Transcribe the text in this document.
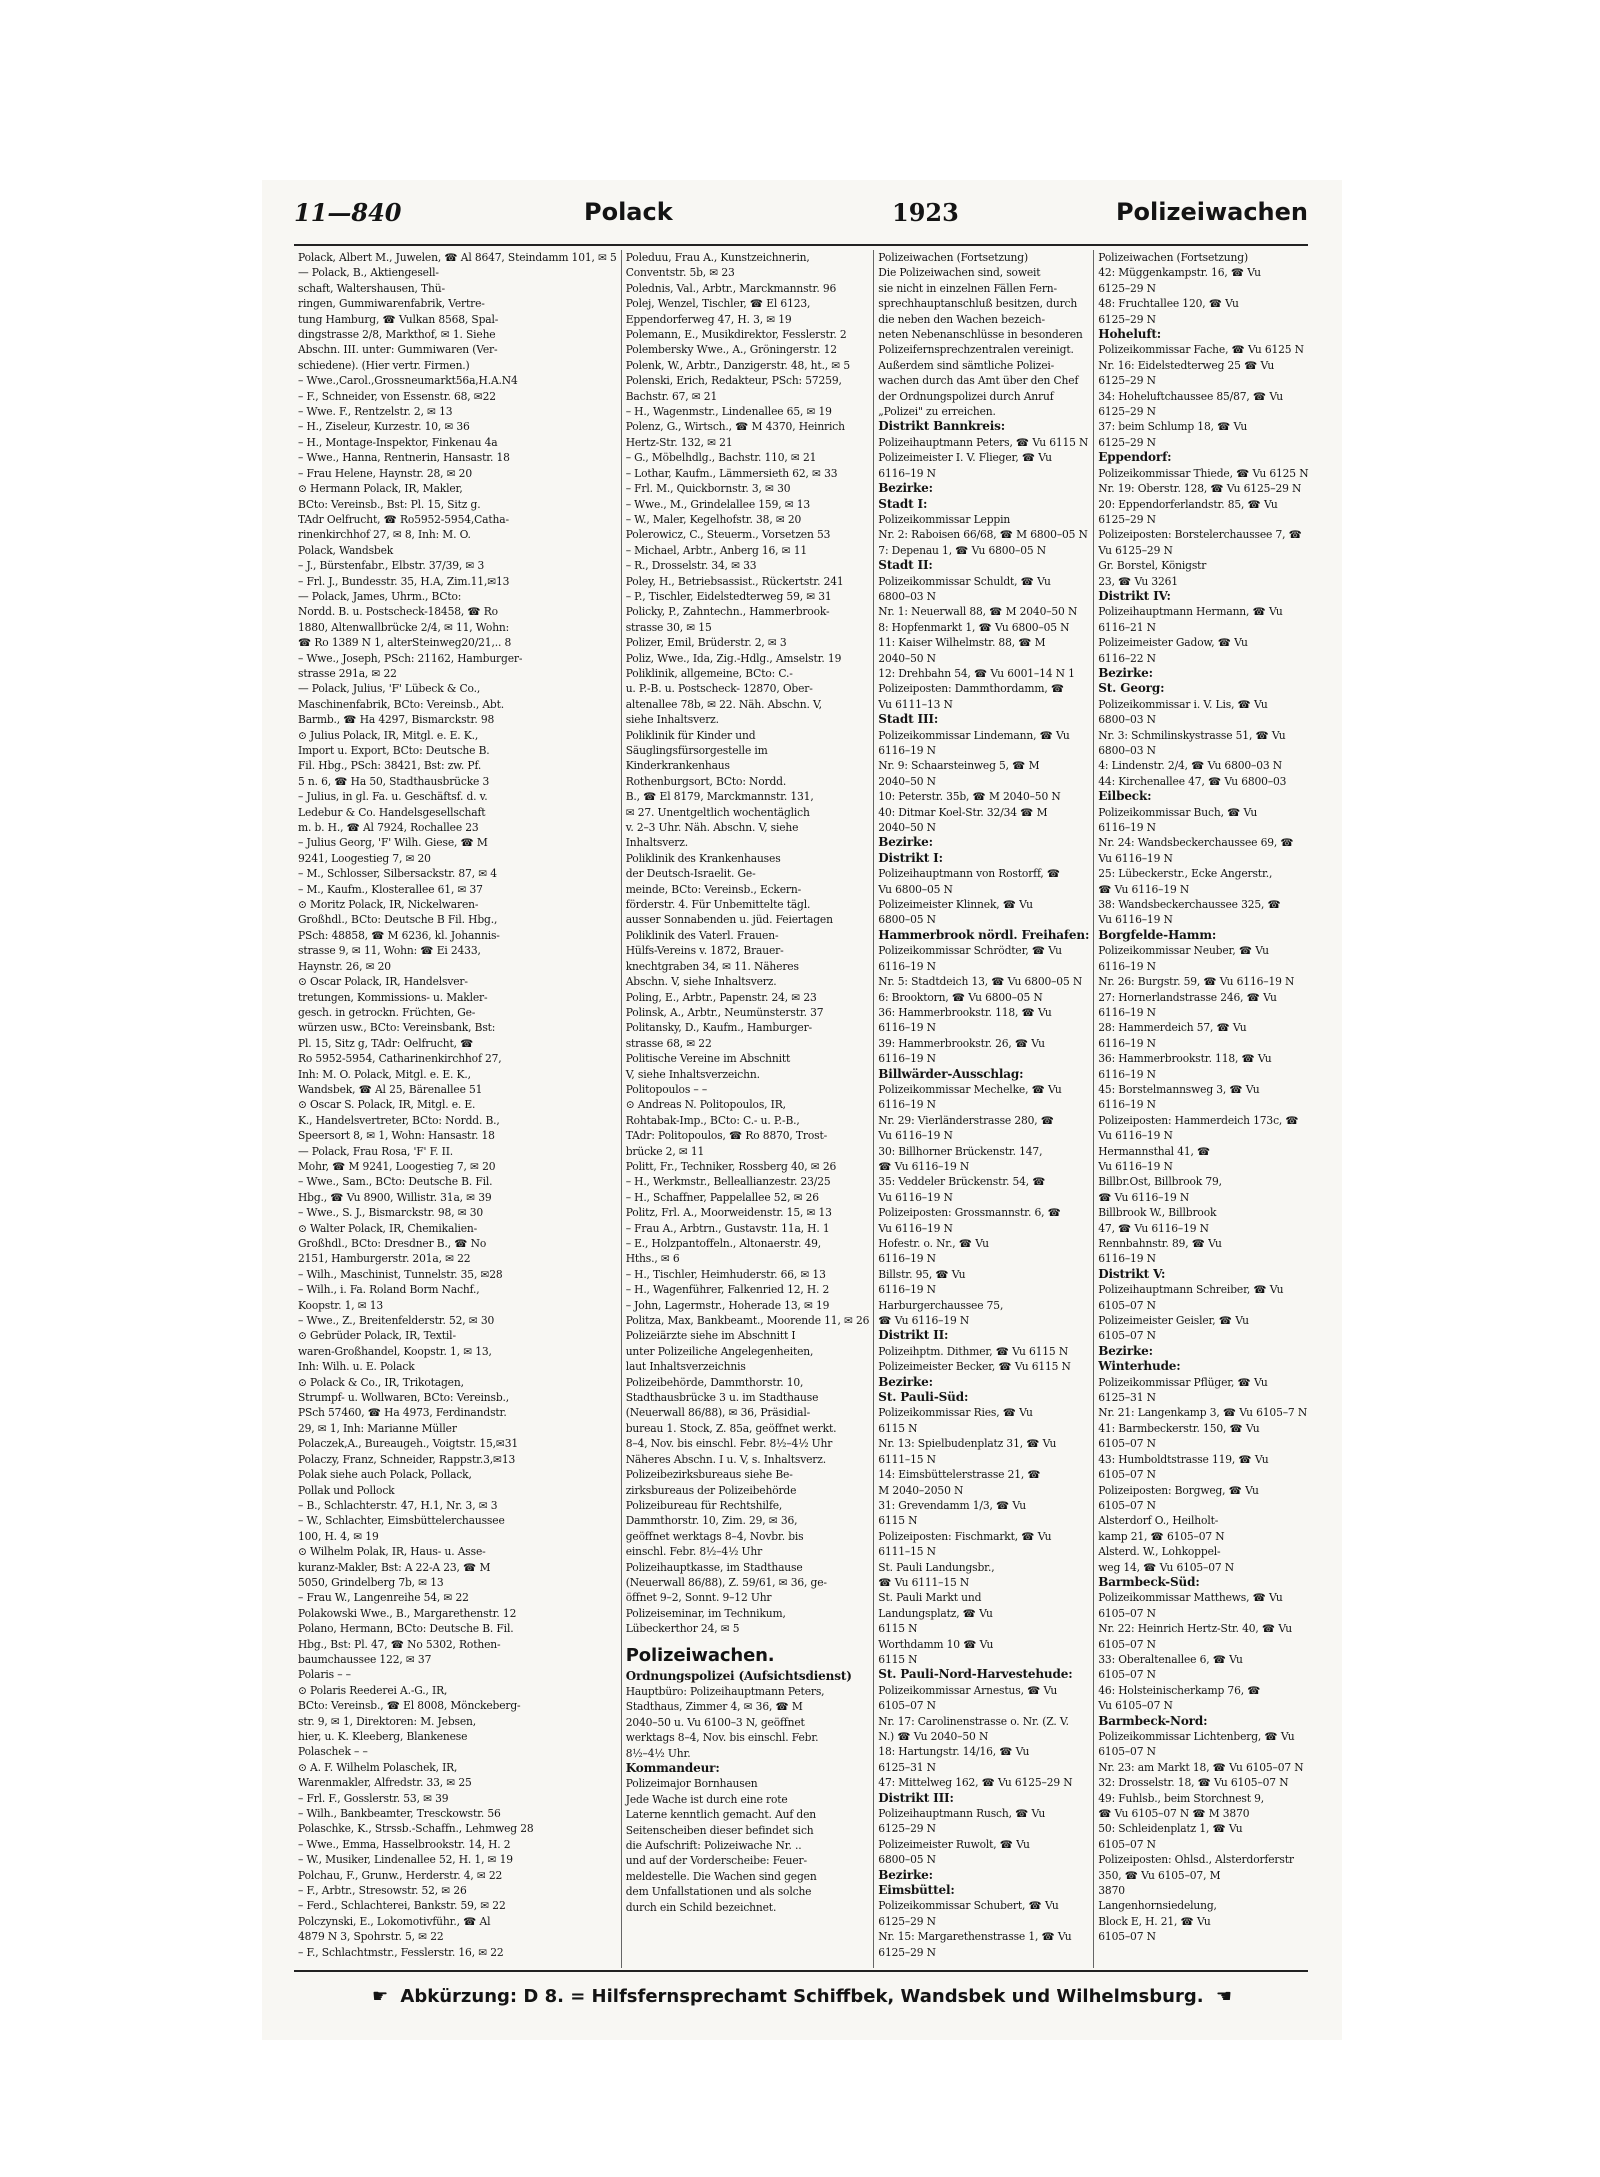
11—840	Polack	1923	Polizeiwachen

Polack, Albert M., Juwelen, ☎ Al 8647, Steindamm 101, ✉ 5

— Polack, B., Aktiengesell-

schaft, Waltershausen, Thü-

ringen, Gummiwarenfabrik, Vertre-

tung Hamburg, ☎ Vulkan 8568, Spal-

dingstrasse 2/8, Markthof, ✉ 1. Siehe

Abschn. III. unter: Gummiwaren (Ver-

schiedene). (Hier vertr. Firmen.)

– Wwe.,Carol.,Grossneumarkt56a,H.A.N4

– F., Schneider, von Essenstr. 68, ✉22

– Wwe. F., Rentzelstr. 2, ✉ 13

– H., Ziseleur, Kurzestr. 10, ✉ 36

– H., Montage-Inspektor, Finkenau 4a

– Wwe., Hanna, Rentnerin, Hansastr. 18

– Frau Helene, Haynstr. 28, ✉ 20

⊙ Hermann Polack, IR, Makler,

BCto: Vereinsb., Bst: Pl. 15, Sitz g.

TAdr Oelfrucht, ☎ Ro5952-5954,Catha-

rinenkirchhof 27, ✉ 8, Inh: M. O.

Polack, Wandsbek

– J., Bürstenfabr., Elbstr. 37/39, ✉ 3

– Frl. J., Bundesstr. 35, H.A, Zim.11,✉13

— Polack, James, Uhrm., BCto:

Nordd. B. u. Postscheck-18458, ☎ Ro

1880, Altenwallbrücke 2/4, ✉ 11, Wohn:

☎ Ro 1389 N 1, alterSteinweg20/21,.. 8

– Wwe., Joseph, PSch: 21162, Hamburger-

strasse 291a, ✉ 22

— Polack, Julius, 'F' Lübeck & Co.,

Maschinenfabrik, BCto: Vereinsb., Abt.

Barmb., ☎ Ha 4297, Bismarckstr. 98

⊙ Julius Polack, IR, Mitgl. e. E. K.,

Import u. Export, BCto: Deutsche B.

Fil. Hbg., PSch: 38421, Bst: zw. Pf.

5 n. 6, ☎ Ha 50, Stadthausbrücke 3

– Julius, in gl. Fa. u. Geschäftsf. d. v.

Ledebur & Co. Handelsgesellschaft

m. b. H., ☎ Al 7924, Rochallee 23

– Julius Georg, 'F' Wilh. Giese, ☎ M

9241, Loogestieg 7, ✉ 20

– M., Schlosser, Silbersackstr. 87, ✉ 4

– M., Kaufm., Klosterallee 61, ✉ 37

⊙ Moritz Polack, IR, Nickelwaren-

Großhdl., BCto: Deutsche B Fil. Hbg.,

PSch: 48858, ☎ M 6236, kl. Johannis-

strasse 9, ✉ 11, Wohn: ☎ Ei 2433,

Haynstr. 26, ✉ 20

⊙ Oscar Polack, IR, Handelsver-

tretungen, Kommissions- u. Makler-

gesch. in getrockn. Früchten, Ge-

würzen usw., BCto: Vereinsbank, Bst:

Pl. 15, Sitz g, TAdr: Oelfrucht, ☎

Ro 5952-5954, Catharinenkirchhof 27,

Inh: M. O. Polack, Mitgl. e. E. K.,

Wandsbek, ☎ Al 25, Bärenallee 51

⊙ Oscar S. Polack, IR, Mitgl. e. E.

K., Handelsvertreter, BCto: Nordd. B.,

Speersort 8, ✉ 1, Wohn: Hansastr. 18

— Polack, Frau Rosa, 'F' F. II.

Mohr, ☎ M 9241, Loogestieg 7, ✉ 20

– Wwe., Sam., BCto: Deutsche B. Fil.

Hbg., ☎ Vu 8900, Willistr. 31a, ✉ 39

– Wwe., S. J., Bismarckstr. 98, ✉ 30

⊙ Walter Polack, IR, Chemikalien-

Großhdl., BCto: Dresdner B., ☎ No

2151, Hamburgerstr. 201a, ✉ 22

– Wilh., Maschinist, Tunnelstr. 35, ✉28

– Wilh., i. Fa. Roland Borm Nachf.,

Koopstr. 1, ✉ 13

– Wwe., Z., Breitenfelderstr. 52, ✉ 30

⊙ Gebrüder Polack, IR, Textil-

waren-Großhandel, Koopstr. 1, ✉ 13,

Inh: Wilh. u. E. Polack

⊙ Polack & Co., IR, Trikotagen,

Strumpf- u. Wollwaren, BCto: Vereinsb.,

PSch 57460, ☎ Ha 4973, Ferdinandstr.

29, ✉ 1, Inh: Marianne Müller

Polaczek,A., Bureaugeh., Voigtstr. 15,✉31

Polaczy, Franz, Schneider, Rappstr.3,✉13

Polak siehe auch Polack, Pollack,

Pollak und Pollock

– B., Schlachterstr. 47, H.1, Nr. 3, ✉ 3

– W., Schlachter, Eimsbüttelerchaussee

100, H. 4, ✉ 19

⊙ Wilhelm Polak, IR, Haus- u. Asse-

kuranz-Makler, Bst: A 22-A 23, ☎ M

5050, Grindelberg 7b, ✉ 13

– Frau W., Langenreihe 54, ✉ 22

Polakowski Wwe., B., Margarethenstr. 12

Polano, Hermann, BCto: Deutsche B. Fil.

Hbg., Bst: Pl. 47, ☎ No 5302, Rothen-

baumchaussee 122, ✉ 37

Polaris – –

⊙ Polaris Reederei A.-G., IR,

BCto: Vereinsb., ☎ El 8008, Mönckeberg-

str. 9, ✉ 1, Direktoren: M. Jebsen,

hier, u. K. Kleeberg, Blankenese

Polaschek – –

⊙ A. F. Wilhelm Polaschek, IR,

Warenmakler, Alfredstr. 33, ✉ 25

– Frl. F., Gosslerstr. 53, ✉ 39

– Wilh., Bankbeamter, Tresckowstr. 56

Polaschke, K., Strssb.-Schaffn., Lehmweg 28

– Wwe., Emma, Hasselbrookstr. 14, H. 2

– W., Musiker, Lindenallee 52, H. 1, ✉ 19

Polchau, F., Grunw., Herderstr. 4, ✉ 22

– F., Arbtr., Stresowstr. 52, ✉ 26

– Ferd., Schlachterei, Bankstr. 59, ✉ 22

Polczynski, E., Lokomotivführ., ☎ Al

4879 N 3, Spohrstr. 5, ✉ 22

– F., Schlachtmstr., Fesslerstr. 16, ✉ 22

Poleduu, Frau A., Kunstzeichnerin,

Conventstr. 5b, ✉ 23

Polednis, Val., Arbtr., Marckmannstr. 96

Polej, Wenzel, Tischler, ☎ El 6123,

Eppendorferweg 47, H. 3, ✉ 19

Polemann, E., Musikdirektor, Fesslerstr. 2

Polembersky Wwe., A., Gröningerstr. 12

Polenk, W., Arbtr., Danzigerstr. 48, ht., ✉ 5

Polenski, Erich, Redakteur, PSch: 57259,

Bachstr. 67, ✉ 21

– H., Wagenmstr., Lindenallee 65, ✉ 19

Polenz, G., Wirtsch., ☎ M 4370, Heinrich

Hertz-Str. 132, ✉ 21

– G., Möbelhdlg., Bachstr. 110, ✉ 21

– Lothar, Kaufm., Lämmersieth 62, ✉ 33

– Frl. M., Quickbornstr. 3, ✉ 30

– Wwe., M., Grindelallee 159, ✉ 13

– W., Maler, Kegelhofstr. 38, ✉ 20

Polerowicz, C., Steuerm., Vorsetzen 53

– Michael, Arbtr., Anberg 16, ✉ 11

– R., Drosselstr. 34, ✉ 33

Poley, H., Betriebsassist., Rückertstr. 241

– P., Tischler, Eidelstedterweg 59, ✉ 31

Policky, P., Zahntechn., Hammerbrook-

strasse 30, ✉ 15

Polizer, Emil, Brüderstr. 2, ✉ 3

Poliz, Wwe., Ida, Zig.-Hdlg., Amselstr. 19

Poliklinik, allgemeine, BCto: C.-

u. P.-B. u. Postscheck- 12870, Ober-

altenallee 78b, ✉ 22. Näh. Abschn. V,

siehe Inhaltsverz.

Poliklinik für Kinder und

Säuglingsfürsorgestelle im

Kinderkrankenhaus

Rothenburgsort, BCto: Nordd.

B., ☎ El 8179, Marckmannstr. 131,

✉ 27. Unentgeltlich wochentäglich

v. 2–3 Uhr. Näh. Abschn. V, siehe

Inhaltsverz.

Poliklinik des Krankenhauses

der Deutsch-Israelit. Ge-

meinde, BCto: Vereinsb., Eckern-

förderstr. 4. Für Unbemittelte tägl.

ausser Sonnabenden u. jüd. Feiertagen

Poliklinik des Vaterl. Frauen-

Hülfs-Vereins v. 1872, Brauer-

knechtgraben 34, ✉ 11. Näheres

Abschn. V, siehe Inhaltsverz.

Poling, E., Arbtr., Papenstr. 24, ✉ 23

Polinsk, A., Arbtr., Neumünsterstr. 37

Politansky, D., Kaufm., Hamburger-

strasse 68, ✉ 22

Politische Vereine im Abschnitt

V, siehe Inhaltsverzeichn.

Politopoulos – –

⊙ Andreas N. Politopoulos, IR,

Rohtabak-Imp., BCto: C.- u. P.-B.,

TAdr: Politopoulos, ☎ Ro 8870, Trost-

brücke 2, ✉ 11

Politt, Fr., Techniker, Rossberg 40, ✉ 26

– H., Werkmstr., Belleallianzestr. 23/25

– H., Schaffner, Pappelallee 52, ✉ 26

Politz, Frl. A., Moorweidenstr. 15, ✉ 13

– Frau A., Arbtrn., Gustavstr. 11a, H. 1

– E., Holzpantoffeln., Altonaerstr. 49,

Hths., ✉ 6

– H., Tischler, Heimhuderstr. 66, ✉ 13

– H., Wagenführer, Falkenried 12, H. 2

– John, Lagermstr., Hoherade 13, ✉ 19

Politza, Max, Bankbeamt., Moorende 11, ✉ 26

Polizeiärzte siehe im Abschnitt I

unter Polizeiliche Angelegenheiten,

laut Inhaltsverzeichnis

Polizeibehörde, Dammthorstr. 10,

Stadthausbrücke 3 u. im Stadthause

(Neuerwall 86/88), ✉ 36, Präsidial-

bureau 1. Stock, Z. 85a, geöffnet werkt.

8–4, Nov. bis einschl. Febr. 8½–4½ Uhr

Näheres Abschn. I u. V, s. Inhaltsverz.

Polizeibezirksbureaus siehe Be-

zirksbureaus der Polizeibehörde

Polizeibureau für Rechtshilfe,

Dammthorstr. 10, Zim. 29, ✉ 36,

geöffnet werktags 8–4, Novbr. bis

einschl. Febr. 8½–4½ Uhr

Polizeihauptkasse, im Stadthause

(Neuerwall 86/88), Z. 59/61, ✉ 36, ge-

öffnet 9–2, Sonnt. 9–12 Uhr

Polizeiseminar, im Technikum,

Lübeckerthor 24, ✉ 5

Polizeiwachen.

Ordnungspolizei (Aufsichtsdienst)

Hauptbüro: Polizeihauptmann Peters,

Stadthaus, Zimmer 4, ✉ 36, ☎ M

2040–50 u. Vu 6100–3 N, geöffnet

werktags 8–4, Nov. bis einschl. Febr.

8½–4½ Uhr.

Kommandeur:

Polizeimajor Bornhausen

Jede Wache ist durch eine rote

Laterne kenntlich gemacht. Auf den

Seitenscheiben dieser befindet sich

die Aufschrift: Polizeiwache Nr. ..

und auf der Vorderscheibe: Feuer-

meldestelle. Die Wachen sind gegen

dem Unfallstationen und als solche

durch ein Schild bezeichnet.

Polizeiwachen (Fortsetzung)

Die Polizeiwachen sind, soweit

sie nicht in einzelnen Fällen Fern-

sprechhauptanschluß besitzen, durch

die neben den Wachen bezeich-

neten Nebenanschlüsse in besonderen

Polizeifernsprechzentralen vereinigt.

Außerdem sind sämtliche Polizei-

wachen durch das Amt über den Chef

der Ordnungspolizei durch Anruf

„Polizei" zu erreichen.

Distrikt Bannkreis:

Polizeihauptmann Peters, ☎ Vu 6115 N

Polizeimeister I. V. Flieger, ☎ Vu

6116–19 N

Bezirke:

Stadt I:

Polizeikommissar Leppin

Nr. 2: Raboisen 66/68, ☎ M 6800–05 N

7: Depenau 1, ☎ Vu 6800–05 N

Stadt II:

Polizeikommissar Schuldt, ☎ Vu

6800–03 N

Nr. 1: Neuerwall 88, ☎ M 2040–50 N

8: Hopfenmarkt 1, ☎ Vu 6800–05 N

11: Kaiser Wilhelmstr. 88, ☎ M

2040–50 N

12: Drehbahn 54, ☎ Vu 6001–14 N 1

Polizeiposten: Dammthordamm, ☎

Vu 6111–13 N

Stadt III:

Polizeikommissar Lindemann, ☎ Vu

6116–19 N

Nr. 9: Schaarsteinweg 5, ☎ M

2040–50 N

10: Peterstr. 35b, ☎ M 2040–50 N

40: Ditmar Koel-Str. 32/34 ☎ M

2040–50 N

Bezirke:

Distrikt I:

Polizeihauptmann von Rostorff, ☎

Vu 6800–05 N

Polizeimeister Klinnek, ☎ Vu

6800–05 N

Hammerbrook nördl. Freihafen:

Polizeikommissar Schrödter, ☎ Vu

6116–19 N

Nr. 5: Stadtdeich 13, ☎ Vu 6800–05 N

6: Brooktorn, ☎ Vu 6800–05 N

36: Hammerbrookstr. 118, ☎ Vu

6116–19 N

39: Hammerbrookstr. 26, ☎ Vu

6116–19 N

Billwärder-Ausschlag:

Polizeikommissar Mechelke, ☎ Vu

6116–19 N

Nr. 29: Vierländerstrasse 280, ☎

Vu 6116–19 N

30: Billhorner Brückenstr. 147,

☎ Vu 6116–19 N

35: Veddeler Brückenstr. 54, ☎

Vu 6116–19 N

Polizeiposten: Grossmannstr. 6, ☎

Vu 6116–19 N

Hofestr. o. Nr., ☎ Vu

6116–19 N

Billstr. 95, ☎ Vu

6116–19 N

Harburgerchaussee 75,

☎ Vu 6116–19 N

Distrikt II:

Polizeihptm. Dithmer, ☎ Vu 6115 N

Polizeimeister Becker, ☎ Vu 6115 N

Bezirke:

St. Pauli-Süd:

Polizeikommissar Ries, ☎ Vu

6115 N

Nr. 13: Spielbudenplatz 31, ☎ Vu

6111–15 N

14: Eimsbüttelerstrasse 21, ☎

M 2040–2050 N

31: Grevendamm 1/3, ☎ Vu

6115 N

Polizeiposten: Fischmarkt, ☎ Vu

6111–15 N

St. Pauli Landungsbr.,

☎ Vu 6111–15 N

St. Pauli Markt und

Landungsplatz, ☎ Vu

6115 N

Worthdamm 10 ☎ Vu

6115 N

St. Pauli-Nord-Harvestehude:

Polizeikommissar Arnestus, ☎ Vu

6105–07 N

Nr. 17: Carolinenstrasse o. Nr. (Z. V.

N.) ☎ Vu 2040–50 N

18: Hartungstr. 14/16, ☎ Vu

6125–31 N

47: Mittelweg 162, ☎ Vu 6125–29 N

Distrikt III:

Polizeihauptmann Rusch, ☎ Vu

6125–29 N

Polizeimeister Ruwolt, ☎ Vu

6800–05 N

Bezirke:

Eimsbüttel:

Polizeikommissar Schubert, ☎ Vu

6125–29 N

Nr. 15: Margarethenstrasse 1, ☎ Vu

6125–29 N

Polizeiwachen (Fortsetzung)

42: Müggenkampstr. 16, ☎ Vu

6125–29 N

48: Fruchtallee 120, ☎ Vu

6125–29 N

Hoheluft:

Polizeikommissar Fache, ☎ Vu 6125 N

Nr. 16: Eidelstedterweg 25 ☎ Vu

6125–29 N

34: Hoheluftchaussee 85/87, ☎ Vu

6125–29 N

37: beim Schlump 18, ☎ Vu

6125–29 N

Eppendorf:

Polizeikommissar Thiede, ☎ Vu 6125 N

Nr. 19: Oberstr. 128, ☎ Vu 6125–29 N

20: Eppendorferlandstr. 85, ☎ Vu

6125–29 N

Polizeiposten: Borstelerchaussee 7, ☎

Vu 6125–29 N

Gr. Borstel, Königstr

23, ☎ Vu 3261

Distrikt IV:

Polizeihauptmann Hermann, ☎ Vu

6116–21 N

Polizeimeister Gadow, ☎ Vu

6116–22 N

Bezirke:

St. Georg:

Polizeikommissar i. V. Lis, ☎ Vu

6800–03 N

Nr. 3: Schmilinskystrasse 51, ☎ Vu

6800–03 N

4: Lindenstr. 2/4, ☎ Vu 6800–03 N

44: Kirchenallee 47, ☎ Vu 6800–03

Eilbeck:

Polizeikommissar Buch, ☎ Vu

6116–19 N

Nr. 24: Wandsbeckerchaussee 69, ☎

Vu 6116–19 N

25: Lübeckerstr., Ecke Angerstr.,

☎ Vu 6116–19 N

38: Wandsbeckerchaussee 325, ☎

Vu 6116–19 N

Borgfelde-Hamm:

Polizeikommissar Neuber, ☎ Vu

6116–19 N

Nr. 26: Burgstr. 59, ☎ Vu 6116–19 N

27: Hornerlandstrasse 246, ☎ Vu

6116–19 N

28: Hammerdeich 57, ☎ Vu

6116–19 N

36: Hammerbrookstr. 118, ☎ Vu

6116–19 N

45: Borstelmannsweg 3, ☎ Vu

6116–19 N

Polizeiposten: Hammerdeich 173c, ☎

Vu 6116–19 N

Hermannsthal 41, ☎

Vu 6116–19 N

Billbr.Ost, Billbrook 79,

☎ Vu 6116–19 N

Billbrook W., Billbrook

47, ☎ Vu 6116–19 N

Rennbahnstr. 89, ☎ Vu

6116–19 N

Distrikt V:

Polizeihauptmann Schreiber, ☎ Vu

6105–07 N

Polizeimeister Geisler, ☎ Vu

6105–07 N

Bezirke:

Winterhude:

Polizeikommissar Pflüger, ☎ Vu

6125–31 N

Nr. 21: Langenkamp 3, ☎ Vu 6105–7 N

41: Barmbeckerstr. 150, ☎ Vu

6105–07 N

43: Humboldtstrasse 119, ☎ Vu

6105–07 N

Polizeiposten: Borgweg, ☎ Vu

6105–07 N

Alsterdorf O., Heilholt-

kamp 21, ☎ 6105–07 N

Alsterd. W., Lohkoppel-

weg 14, ☎ Vu 6105–07 N

Barmbeck-Süd:

Polizeikommissar Matthews, ☎ Vu

6105–07 N

Nr. 22: Heinrich Hertz-Str. 40, ☎ Vu

6105–07 N

33: Oberaltenallee 6, ☎ Vu

6105–07 N

46: Holsteinischerkamp 76, ☎

Vu 6105–07 N

Barmbeck-Nord:

Polizeikommissar Lichtenberg, ☎ Vu

6105–07 N

Nr. 23: am Markt 18, ☎ Vu 6105–07 N

32: Drosselstr. 18, ☎ Vu 6105–07 N

49: Fuhlsb., beim Storchnest 9,

☎ Vu 6105–07 N ☎ M 3870

50: Schleidenplatz 1, ☎ Vu

6105–07 N

Polizeiposten: Ohlsd., Alsterdorferstr

350, ☎ Vu 6105–07, M

3870

Langenhornsiedelung,

Block E, H. 21, ☎ Vu

6105–07 N

☛ Abkürzung: D 8. = Hilfsfernsprechamt Schiffbek, Wandsbek und Wilhelmsburg. ☚
